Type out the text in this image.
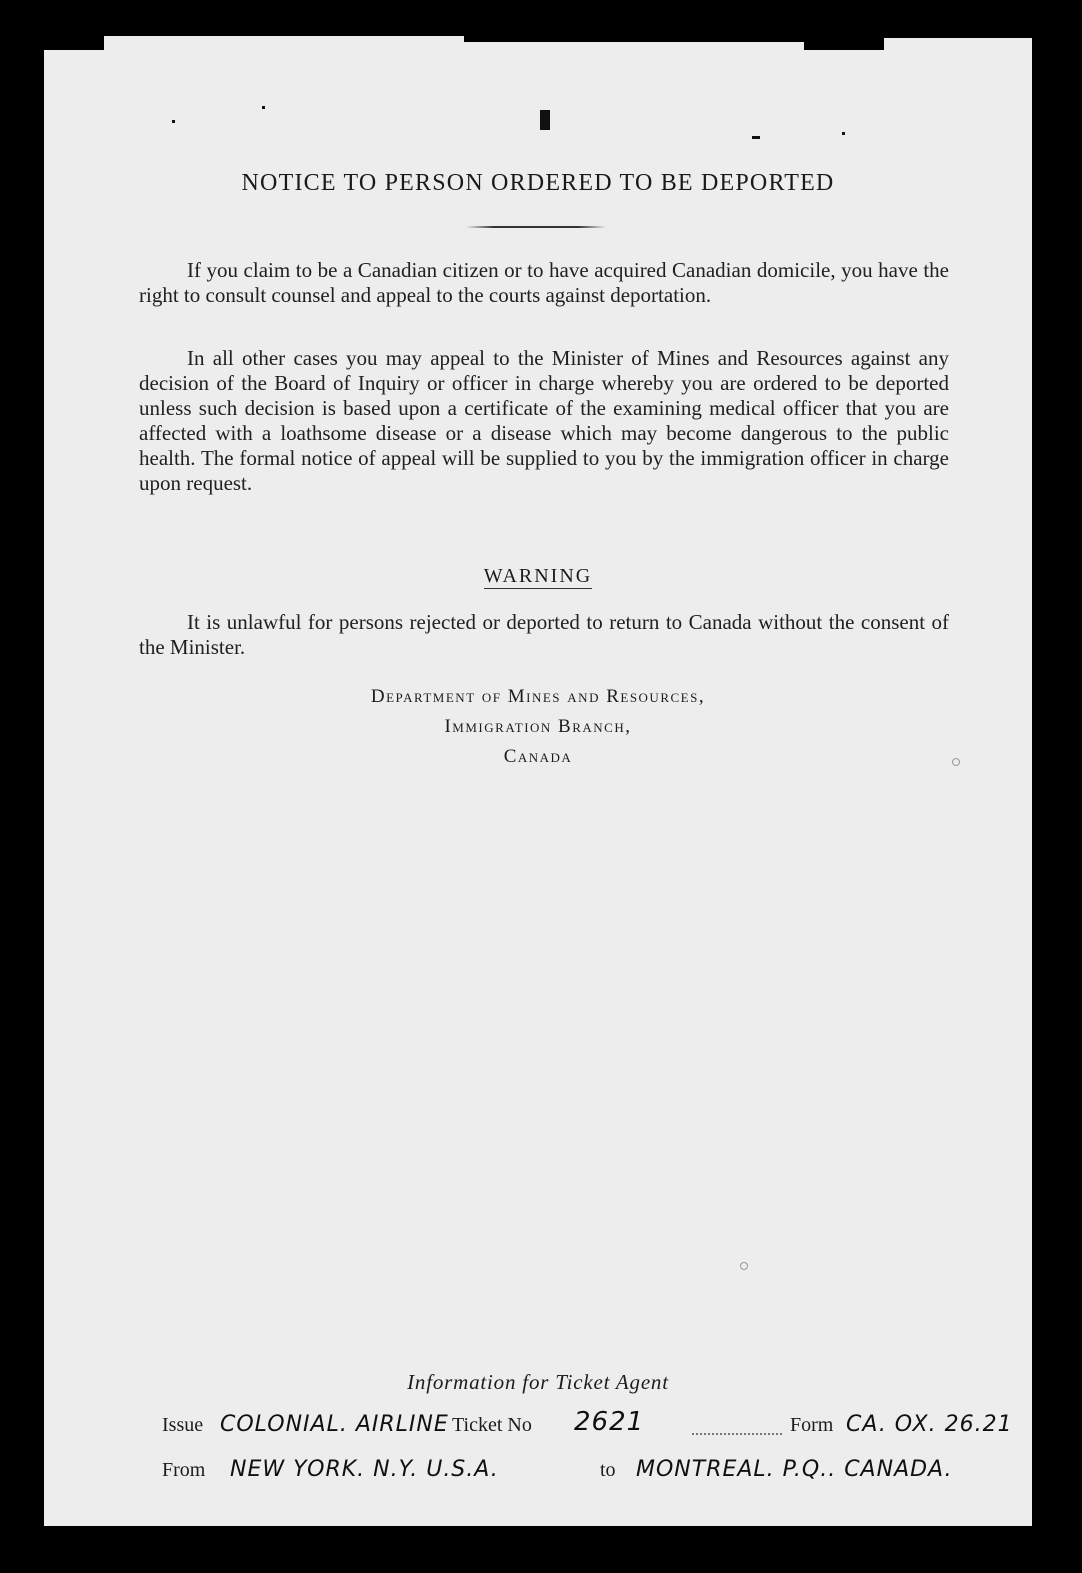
NOTICE TO PERSON ORDERED TO BE DEPORTED
If you claim to be a Canadian citizen or to have acquired Canadian domicile, you have the right to consult counsel and appeal to the courts against deportation.
In all other cases you may appeal to the Minister of Mines and Resources against any decision of the Board of Inquiry or officer in charge whereby you are ordered to be deported unless such decision is based upon a certificate of the examining medical officer that you are affected with a loathsome disease or a disease which may become dangerous to the public health. The formal notice of appeal will be supplied to you by the immigration officer in charge upon request.
WARNING
It is unlawful for persons rejected or deported to return to Canada without the consent of the Minister.
Department of Mines and Resources,
Immigration Branch,
Canada
Information for Ticket Agent
Issue COLONIAL. AIRLINE Ticket No 2621	Form CA. OX. 26.21
From NEW YORK. N.Y. U.S.A.	to MONTREAL. P.Q.. CANADA.
